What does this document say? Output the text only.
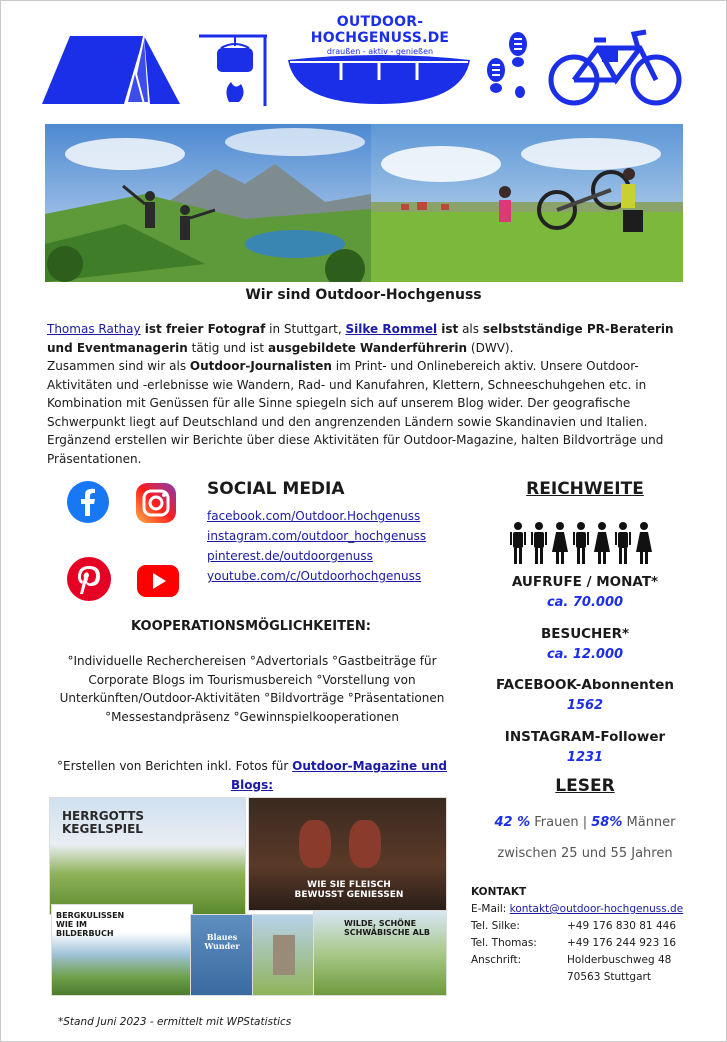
OUTDOOR-HOCHGENUSS.DE
draußen - aktiv - genießen
Wir sind Outdoor-Hochgenuss
Thomas Rathay ist freier Fotograf in Stuttgart, Silke Rommel ist als selbstständige PR-Beraterin und Eventmanagerin tätig und ist ausgebildete Wanderführerin (DWV).
Zusammen sind wir als Outdoor-Journalisten im Print- und Onlinebereich aktiv. Unsere Outdoor-Aktivitäten und -erlebnisse wie Wandern, Rad- und Kanufahren, Klettern, Schneeschuhgehen etc. in Kombination mit Genüssen für alle Sinne spiegeln sich auf unserem Blog wider. Der geografische Schwerpunkt liegt auf Deutschland und den angrenzenden Ländern sowie Skandinavien und Italien. Ergänzend erstellen wir Berichte über diese Aktivitäten für Outdoor-Magazine, halten Bildvorträge und Präsentationen.
SOCIAL MEDIA
facebook.com/Outdoor.Hochgenuss
instagram.com/outdoor_hochgenuss
pinterest.de/outdoorgenuss
youtube.com/c/Outdoorhochgenuss
REICHWEITE
AUFRUFE / MONAT*
ca. 70.000
BESUCHER*
ca. 12.000
FACEBOOK-Abonnenten
1562
INSTAGRAM-Follower
1231
LESER
42 % Frauen | 58% Männer
zwischen 25 und 55 Jahren
KOOPERATIONSMÖGLICHKEITEN:
°Individuelle Recherchereisen °Advertorials °Gastbeiträge für Corporate Blogs im Tourismusbereich °Vorstellung von Unterkünften/Outdoor-Aktivitäten °Bildvorträge °Präsentationen °Messestandpräsenz °Gewinnspielkooperationen
°Erstellen von Berichten inkl. Fotos für Outdoor-Magazine und Blogs:
HERRGOTTS KEGELSPIEL
WIE SIE FLEISCH BEWUSST GENIESSEN
BERGKULISSEN WIE IM BILDERBUCH	Blaues Wunder
WILDE, SCHÖNE SCHWÄBISCHE ALB
KONTAKT
E-Mail: kontakt@outdoor-hochgenuss.de
Tel. Silke:	+49 176 830 81 446
Tel. Thomas:	+49 176 244 923 16
Anschrift:	Holderbuschweg 48
70563 Stuttgart
*Stand Juni 2023 - ermittelt mit WPStatistics
